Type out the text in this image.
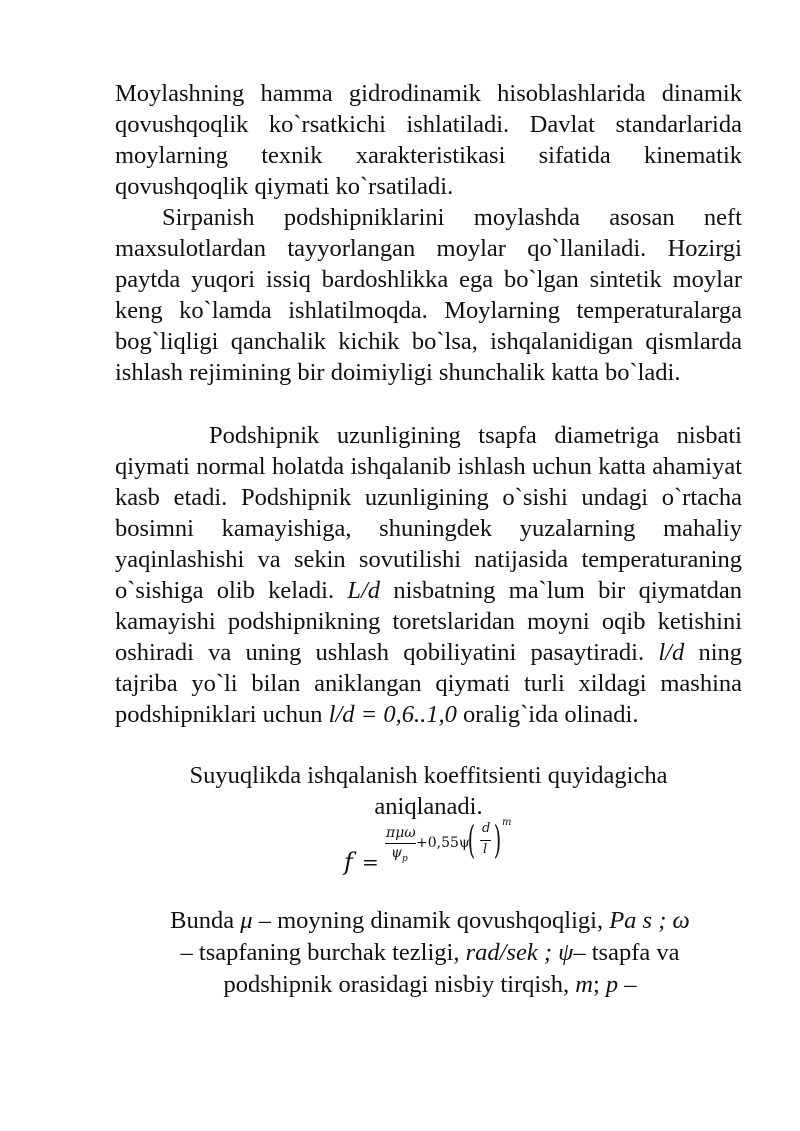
Moylashning hamma gidrodinamik hisoblashlarida dinamik qovushqoqlik ko`rsatkichi ishlatiladi. Davlat standarlarida moylarning texnik xarakteristikasi sifatida kinematik qovushqoqlik qiymati ko`rsatiladi.

Sirpanish podshipniklarini moylashda asosan neft maxsulotlardan tayyorlangan moylar qo`llaniladi. Hozirgi paytda yuqori issiq bardoshlikka ega bo`lgan sintetik moylar keng ko`lamda ishlatilmoqda. Moylarning temperaturalarga bog`liqligi qanchalik kichik bo`lsa, ishqalanidigan qismlarda ishlash rejimining bir doimiyligi shunchalik katta bo`ladi.

Podshipnik uzunligining tsapfa diametriga nisbati qiymati normal holatda ishqalanib ishlash uchun katta ahamiyat kasb etadi. Podshipnik uzunligining o`sishi undagi o`rtacha bosimni kamayishiga, shuningdek yuzalarning mahaliy yaqinlashishi va sekin sovutilishi natijasida temperaturaning o`sishiga olib keladi. L/d nisbatning ma`lum bir qiymatdan kamayishi podshipnikning toretslaridan moyni oqib ketishini oshiradi va uning ushlash qobiliyatini pasaytiradi. l/d ning tajriba yo`li bilan aniklangan qiymati turli xildagi mashina podshipniklari uchun l/d = 0,6..1,0 oralig`ida olinadi.

Suyuqlikda ishqalanish koeffitsienti quyidagicha
aniqlanadi.

f =
πμω
$\psi_p$
+0,55ψ
( d
l ) m

Bunda μ – moyning dinamik qovushqoqligi, Pa s ; ω
– tsapfaning burchak tezligi, rad/sek ; ψ– tsapfa va
podshipnik orasidagi nisbiy tirqish, m; p –
